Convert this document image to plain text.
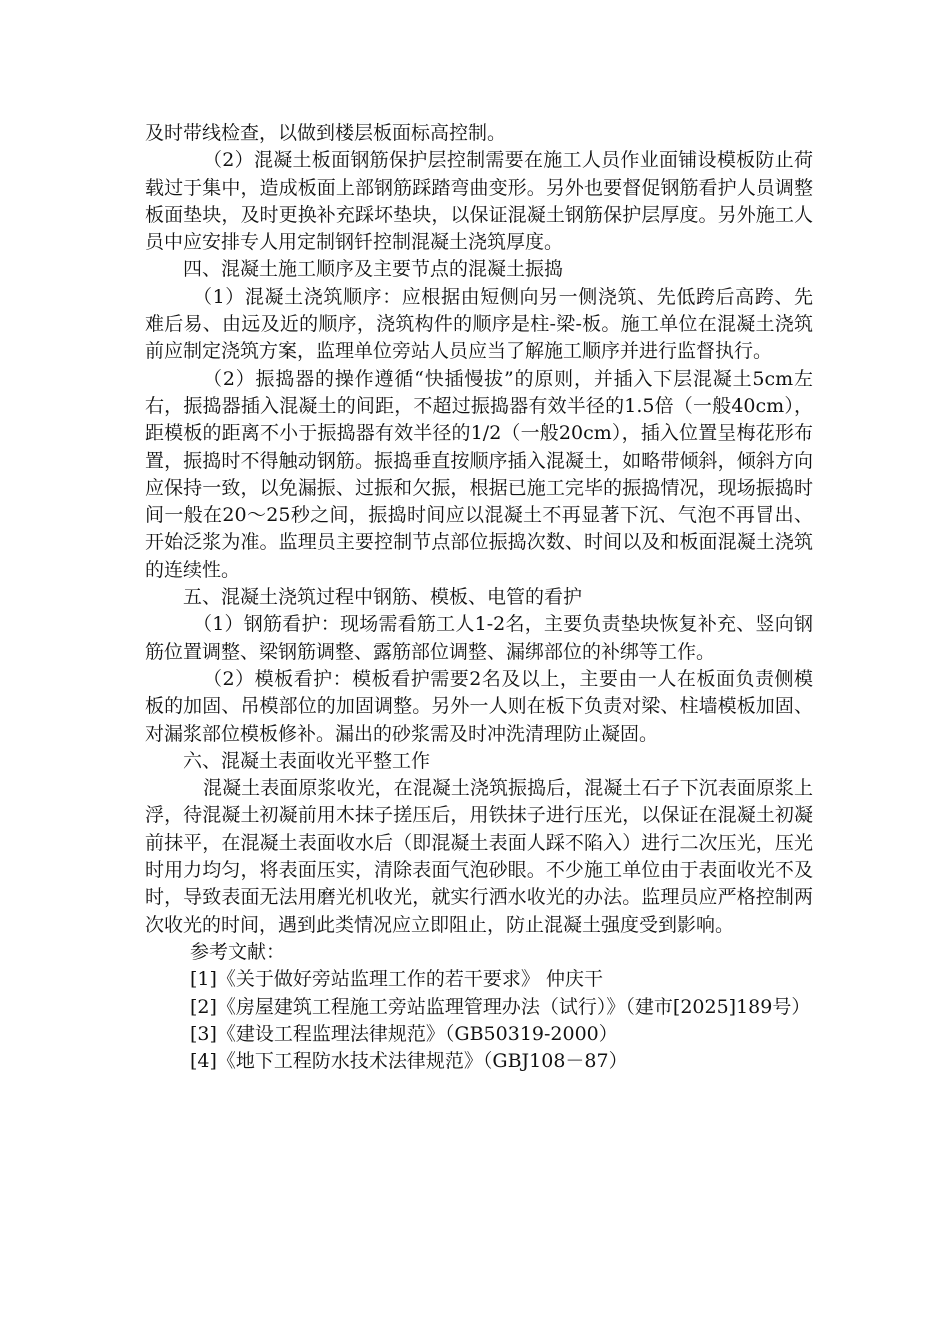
及时带线检查，以做到楼层板面标高控制。

（2）混凝土板面钢筋保护层控制需要在施工人员作业面铺设模板防止荷载过于集中，造成板面上部钢筋踩踏弯曲变形。另外也要督促钢筋看护人员调整板面垫块，及时更换补充踩坏垫块，以保证混凝土钢筋保护层厚度。另外施工人员中应安排专人用定制钢钎控制混凝土浇筑厚度。

四、混凝土施工顺序及主要节点的混凝土振捣

（1）混凝土浇筑顺序：应根据由短侧向另一侧浇筑、先低跨后高跨、先难后易、由远及近的顺序，浇筑构件的顺序是柱-梁-板。施工单位在混凝土浇筑前应制定浇筑方案，监理单位旁站人员应当了解施工顺序并进行监督执行。

（2）振捣器的操作遵循“快插慢拔”的原则，并插入下层混凝土5cm左右，振捣器插入混凝土的间距，不超过振捣器有效半径的1.5倍（一般40cm），距模板的距离不小于振捣器有效半径的1/2（一般20cm），插入位置呈梅花形布置，振捣时不得触动钢筋。振捣垂直按顺序插入混凝土，如略带倾斜，倾斜方向应保持一致，以免漏振、过振和欠振，根据已施工完毕的振捣情况，现场振捣时间一般在20～25秒之间，振捣时间应以混凝土不再显著下沉、气泡不再冒出、开始泛浆为准。监理员主要控制节点部位振捣次数、时间以及和板面混凝土浇筑的连续性。

五、混凝土浇筑过程中钢筋、模板、电管的看护

（1）钢筋看护：现场需看筋工人1-2名，主要负责垫块恢复补充、竖向钢筋位置调整、梁钢筋调整、露筋部位调整、漏绑部位的补绑等工作。

（2）模板看护：模板看护需要2名及以上，主要由一人在板面负责侧模板的加固、吊模部位的加固调整。另外一人则在板下负责对梁、柱墙模板加固、对漏浆部位模板修补。漏出的砂浆需及时冲洗清理防止凝固。

六、混凝土表面收光平整工作

混凝土表面原浆收光，在混凝土浇筑振捣后，混凝土石子下沉表面原浆上浮，待混凝土初凝前用木抹子搓压后，用铁抹子进行压光，以保证在混凝土初凝前抹平，在混凝土表面收水后（即混凝土表面人踩不陷入）进行二次压光，压光时用力均匀，将表面压实，清除表面气泡砂眼。不少施工单位由于表面收光不及时，导致表面无法用磨光机收光，就实行洒水收光的办法。监理员应严格控制两次收光的时间，遇到此类情况应立即阻止，防止混凝土强度受到影响。

参考文献：

[1]《关于做好旁站监理工作的若干要求》 仲庆干

[2]《房屋建筑工程施工旁站监理管理办法（试行）》（建市[2025]189号）

[3]《建设工程监理法律规范》（GB50319-2000）

[4]《地下工程防水技术法律规范》（GBJ108－87）
